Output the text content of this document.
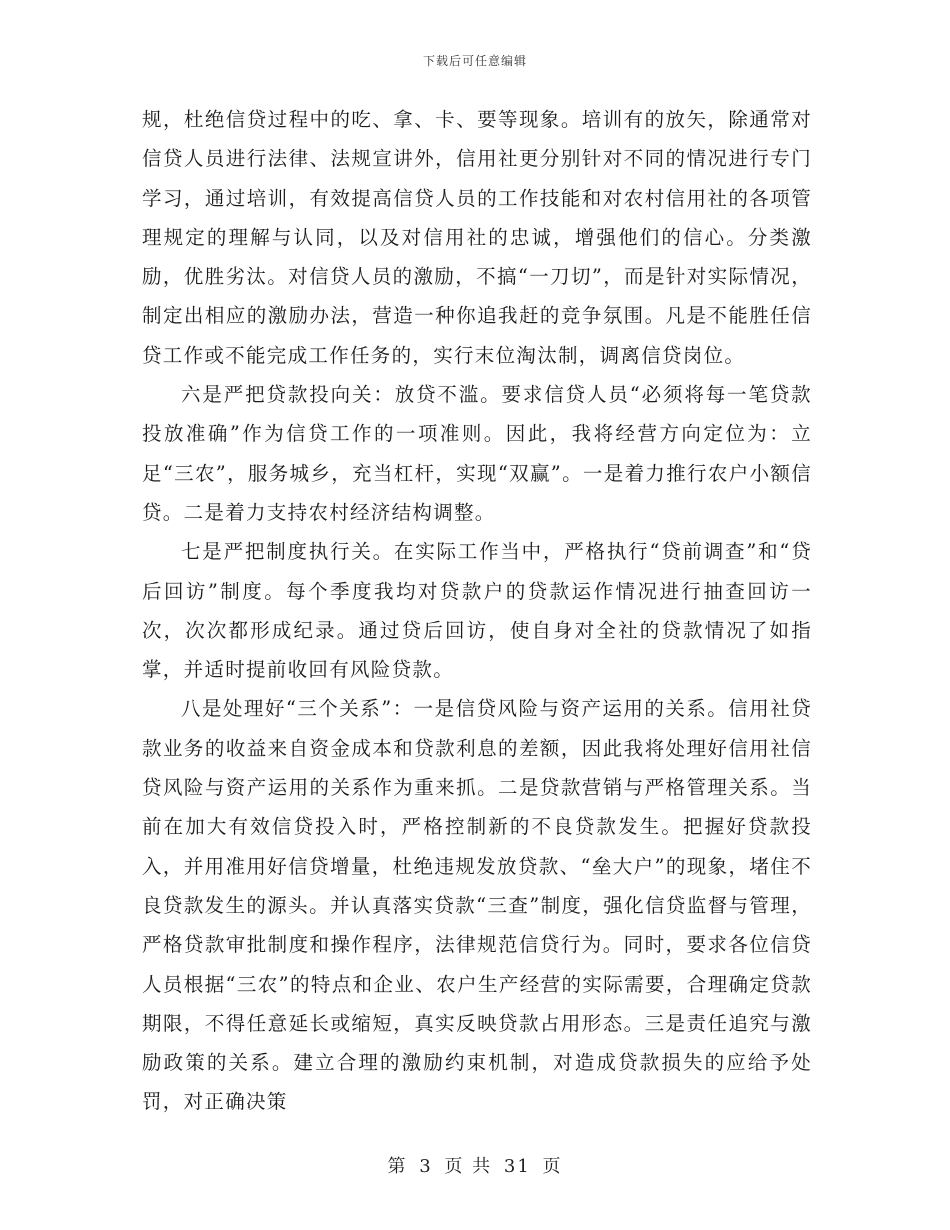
下载后可任意编辑

规，杜绝信贷过程中的吃、拿、卡、要等现象。培训有的放矢，除通常对信贷人员进行法律、法规宣讲外，信用社更分别针对不同的情况进行专门学习，通过培训，有效提高信贷人员的工作技能和对农村信用社的各项管理规定的理解与认同，以及对信用社的忠诚，增强他们的信心。分类激励，优胜劣汰。对信贷人员的激励，不搞“一刀切”，而是针对实际情况，制定出相应的激励办法，营造一种你追我赶的竞争氛围。凡是不能胜任信贷工作或不能完成工作任务的，实行末位淘汰制，调离信贷岗位。

六是严把贷款投向关：放贷不滥。要求信贷人员“必须将每一笔贷款投放准确”作为信贷工作的一项准则。因此，我将经营方向定位为：立足“三农”，服务城乡，充当杠杆，实现“双赢”。一是着力推行农户小额信贷。二是着力支持农村经济结构调整。

七是严把制度执行关。在实际工作当中，严格执行“贷前调查”和“贷后回访”制度。每个季度我均对贷款户的贷款运作情况进行抽查回访一次，次次都形成纪录。通过贷后回访，使自身对全社的贷款情况了如指掌，并适时提前收回有风险贷款。

八是处理好“三个关系”：一是信贷风险与资产运用的关系。信用社贷款业务的收益来自资金成本和贷款利息的差额，因此我将处理好信用社信贷风险与资产运用的关系作为重来抓。二是贷款营销与严格管理关系。当前在加大有效信贷投入时，严格控制新的不良贷款发生。把握好贷款投入，并用准用好信贷增量，杜绝违规发放贷款、“垒大户”的现象，堵住不良贷款发生的源头。并认真落实贷款“三查”制度，强化信贷监督与管理，严格贷款审批制度和操作程序，法律规范信贷行为。同时，要求各位信贷人员根据“三农”的特点和企业、农户生产经营的实际需要，合理确定贷款期限，不得任意延长或缩短，真实反映贷款占用形态。三是责任追究与激励政策的关系。建立合理的激励约束机制，对造成贷款损失的应给予处罚，对正确决策

第 3 页 共 31 页
